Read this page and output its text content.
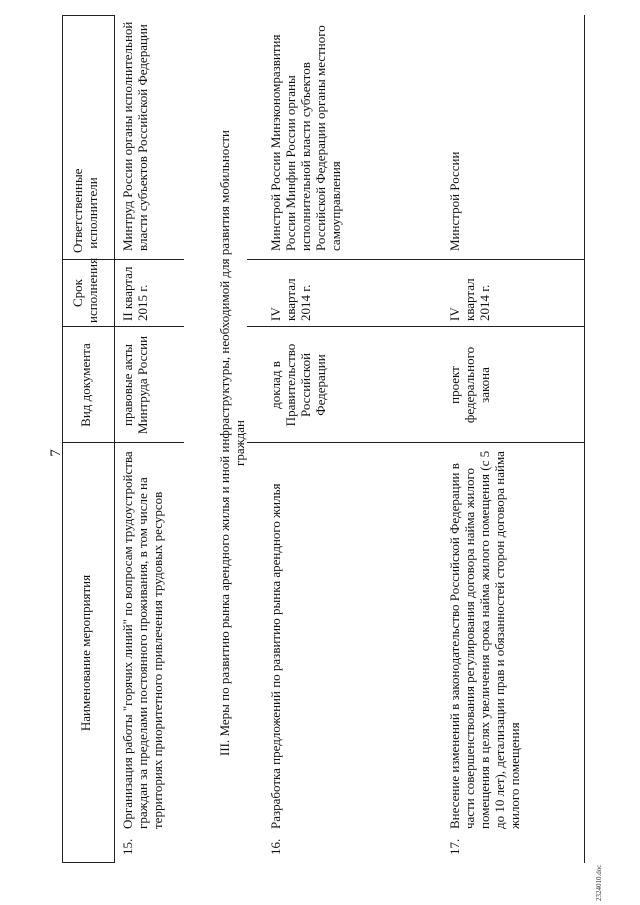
7
Наименование мероприятия
Вид документа
Срок исполнения
Ответственные исполнители
15.
Организация работы "горячих линий" по вопросам трудоустройства граждан за пределами постоянного проживания, в том числе на территориях приоритетного привлечения трудовых ресурсов
правовые акты Минтруда России
II квартал 2015 г.
Минтруд России органы исполнительной власти субъектов Российской Федерации	III. Меры по развитию рынка арендного жилья и иной инфраструктуры, необходимой для развития мобильности граждан
16.
Разработка предложений по развитию рынка арендного жилья
доклад в Правительство Российской Федерации
IV квартал 2014 г.
Минстрой России Минэкономразвития России Минфин России органы исполнительной власти субъектов Российской Федерации органы местного самоуправления
17.
Внесение изменений в законодательство Российской Федерации в части совершенствования регулирования договора найма жилого помещения в целях увеличения срока найма жилого помещения (с 5 до 10 лет), детализации прав и обязанностей сторон договора найма жилого помещения
проект федерального закона
IV квартал 2014 г.
Минстрой России
2324010.doc
